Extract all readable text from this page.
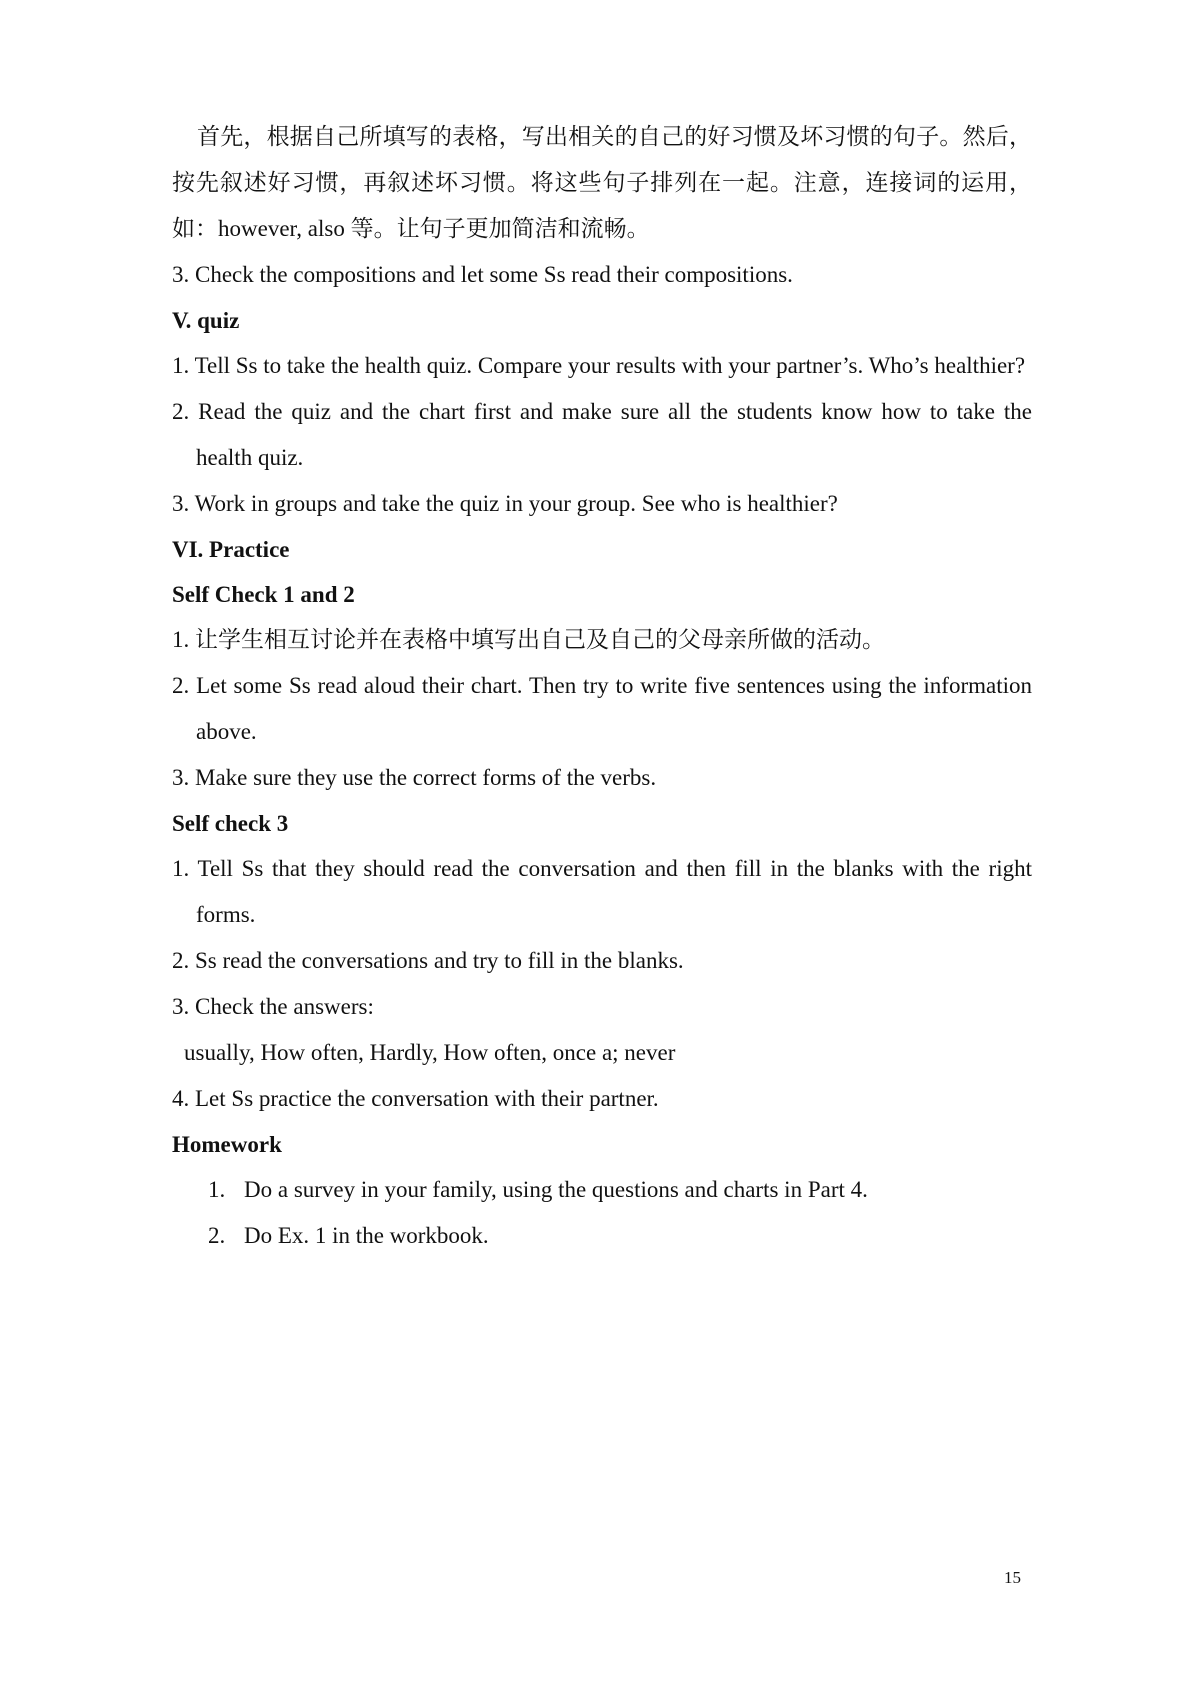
首先，根据自己所填写的表格，写出相关的自己的好习惯及坏习惯的句子。然后，按先叙述好习惯，再叙述坏习惯。将这些句子排列在一起。注意，连接词的运用，如：however, also 等。让句子更加简洁和流畅。

3. Check the compositions and let some Ss read their compositions.

V. quiz

1. Tell Ss to take the health quiz. Compare your results with your partner’s. Who’s healthier?

2. Read the quiz and the chart first and make sure all the students know how to take the health quiz.

3. Work in groups and take the quiz in your group. See who is healthier?

VI. Practice

Self Check 1 and 2

1. 让学生相互讨论并在表格中填写出自己及自己的父母亲所做的活动。

2. Let some Ss read aloud their chart. Then try to write five sentences using the information above.

3. Make sure they use the correct forms of the verbs.

Self check 3

1. Tell Ss that they should read the conversation and then fill in the blanks with the right forms.

2. Ss read the conversations and try to fill in the blanks.

3. Check the answers:

usually, How often, Hardly, How often, once a; never

4. Let Ss practice the conversation with their partner.

Homework

1. Do a survey in your family, using the questions and charts in Part 4.
2. Do Ex. 1 in the workbook.
15
